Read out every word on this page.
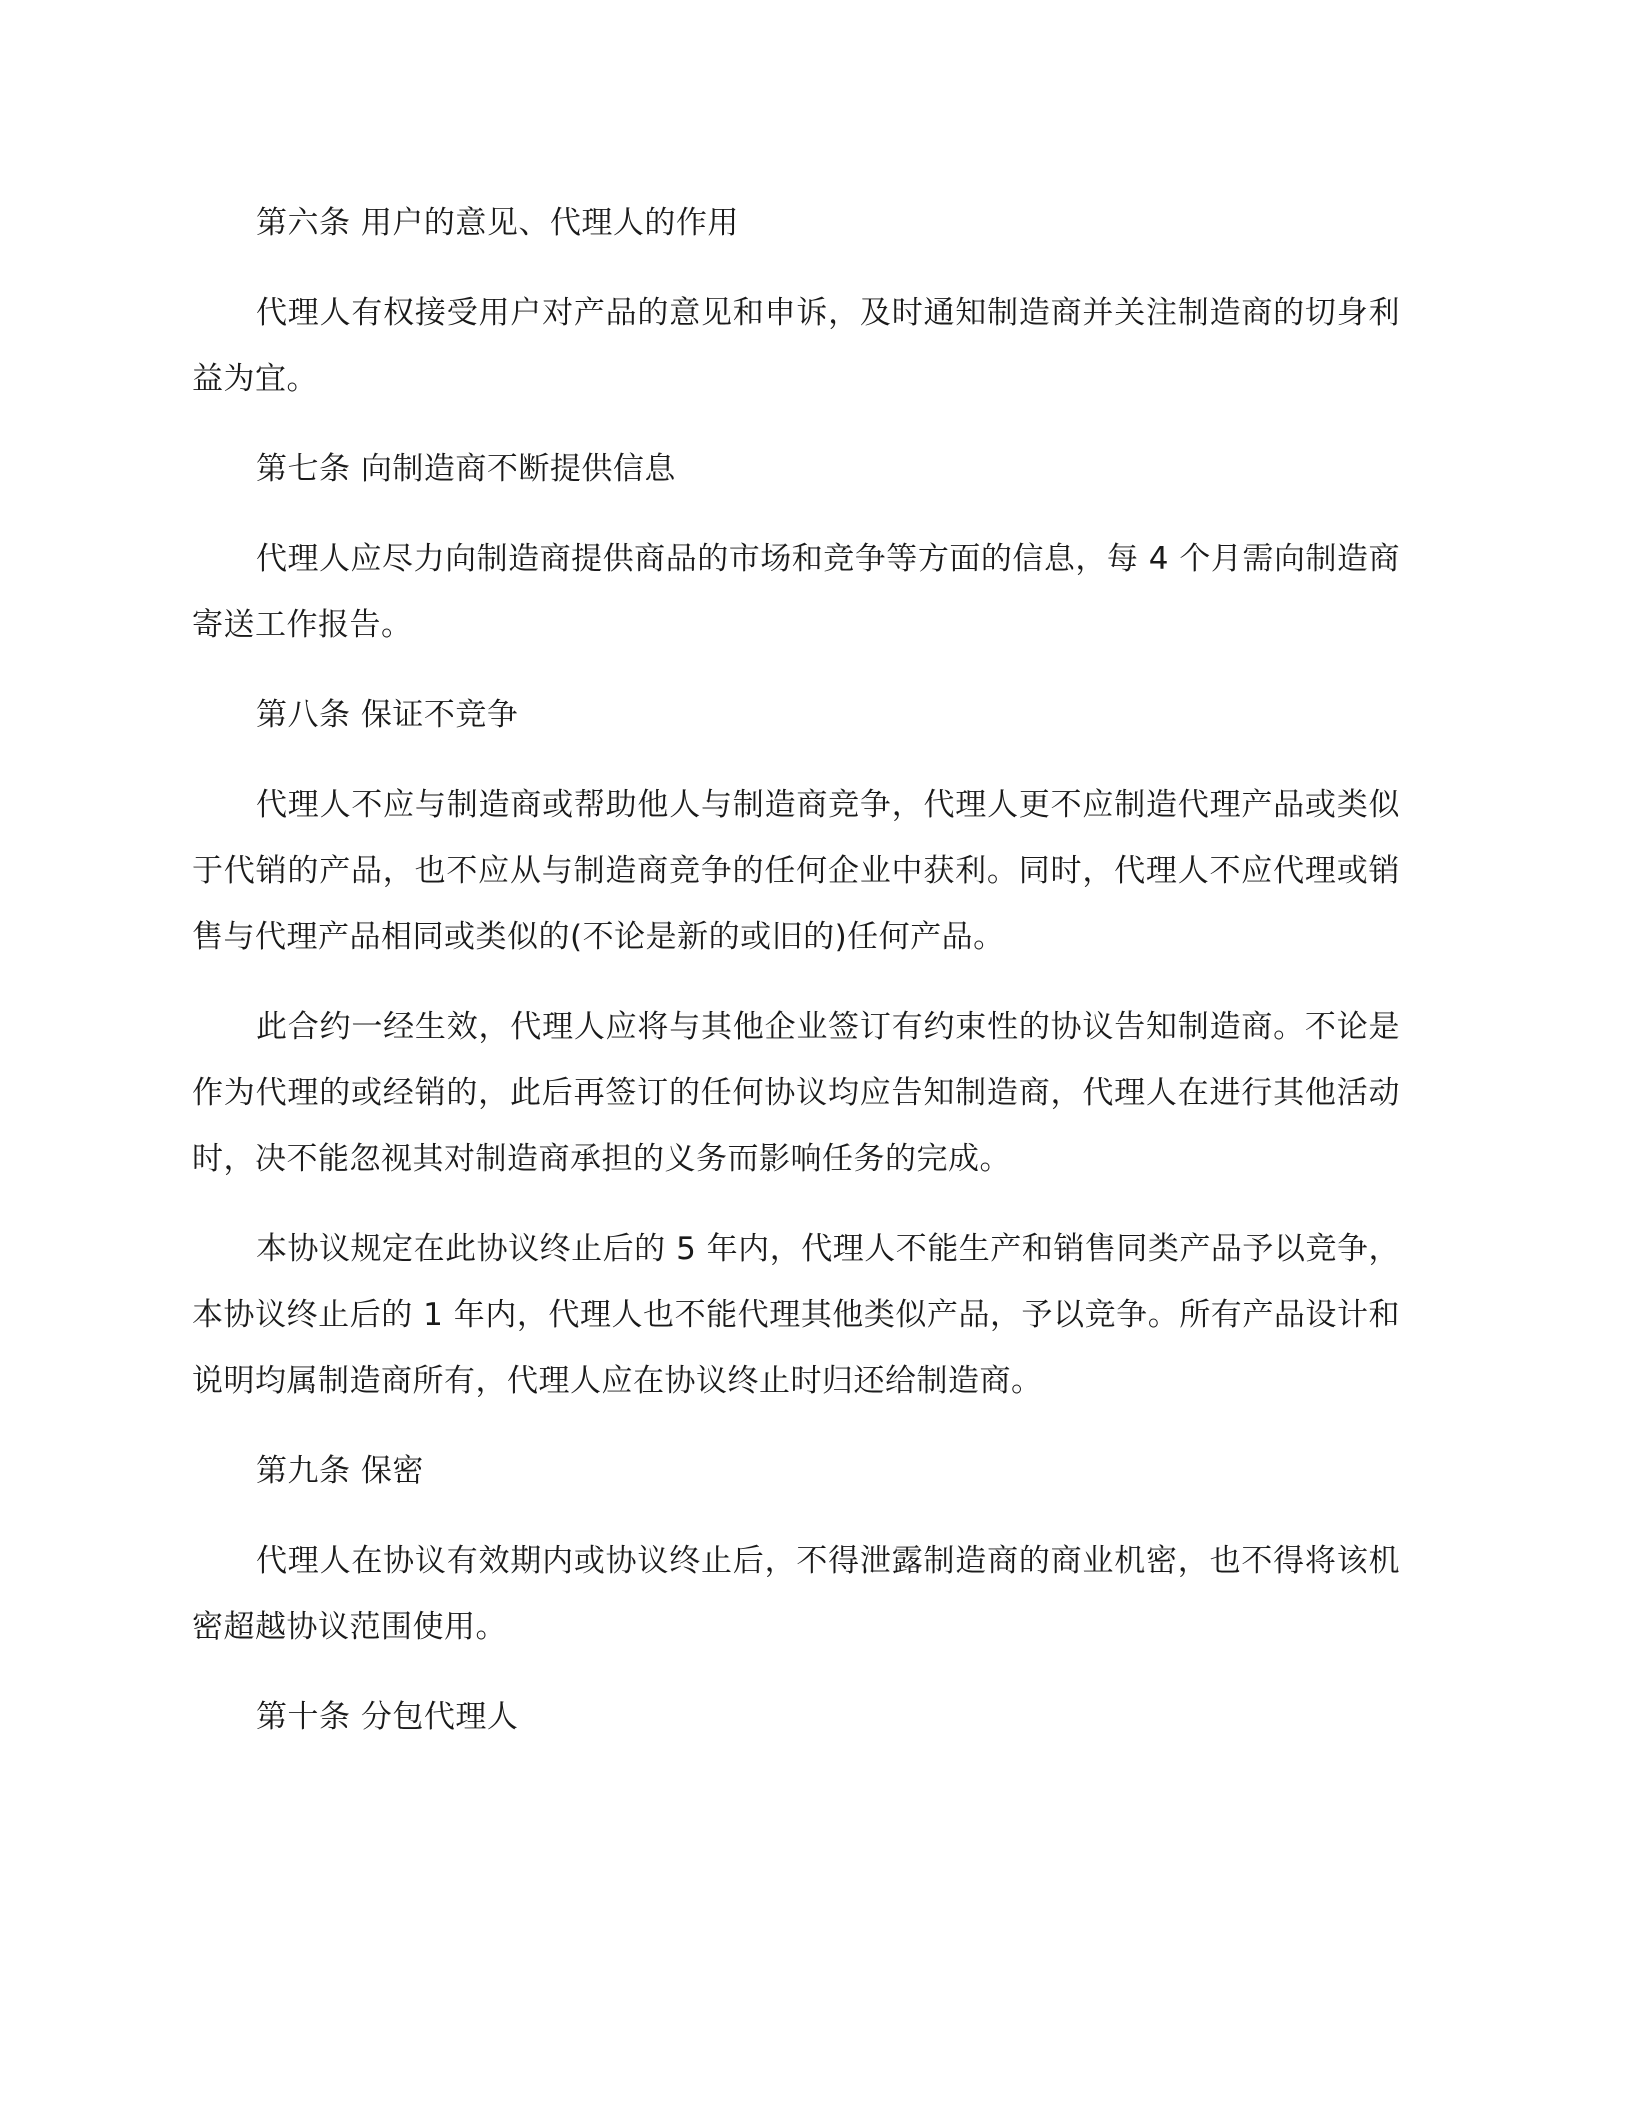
第六条 用户的意见、代理人的作用

代理人有权接受用户对产品的意见和申诉，及时通知制造商并关注制造商的切身利益为宜。

第七条 向制造商不断提供信息

代理人应尽力向制造商提供商品的市场和竞争等方面的信息，每 4 个月需向制造商寄送工作报告。

第八条 保证不竞争

代理人不应与制造商或帮助他人与制造商竞争，代理人更不应制造代理产品或类似于代销的产品，也不应从与制造商竞争的任何企业中获利。同时，代理人不应代理或销售与代理产品相同或类似的(不论是新的或旧的)任何产品。

此合约一经生效，代理人应将与其他企业签订有约束性的协议告知制造商。不论是作为代理的或经销的，此后再签订的任何协议均应告知制造商，代理人在进行其他活动时，决不能忽视其对制造商承担的义务而影响任务的完成。

本协议规定在此协议终止后的 5 年内，代理人不能生产和销售同类产品予以竞争，本协议终止后的 1 年内，代理人也不能代理其他类似产品，予以竞争。所有产品设计和说明均属制造商所有，代理人应在协议终止时归还给制造商。

第九条 保密

代理人在协议有效期内或协议终止后，不得泄露制造商的商业机密，也不得将该机密超越协议范围使用。

第十条 分包代理人
